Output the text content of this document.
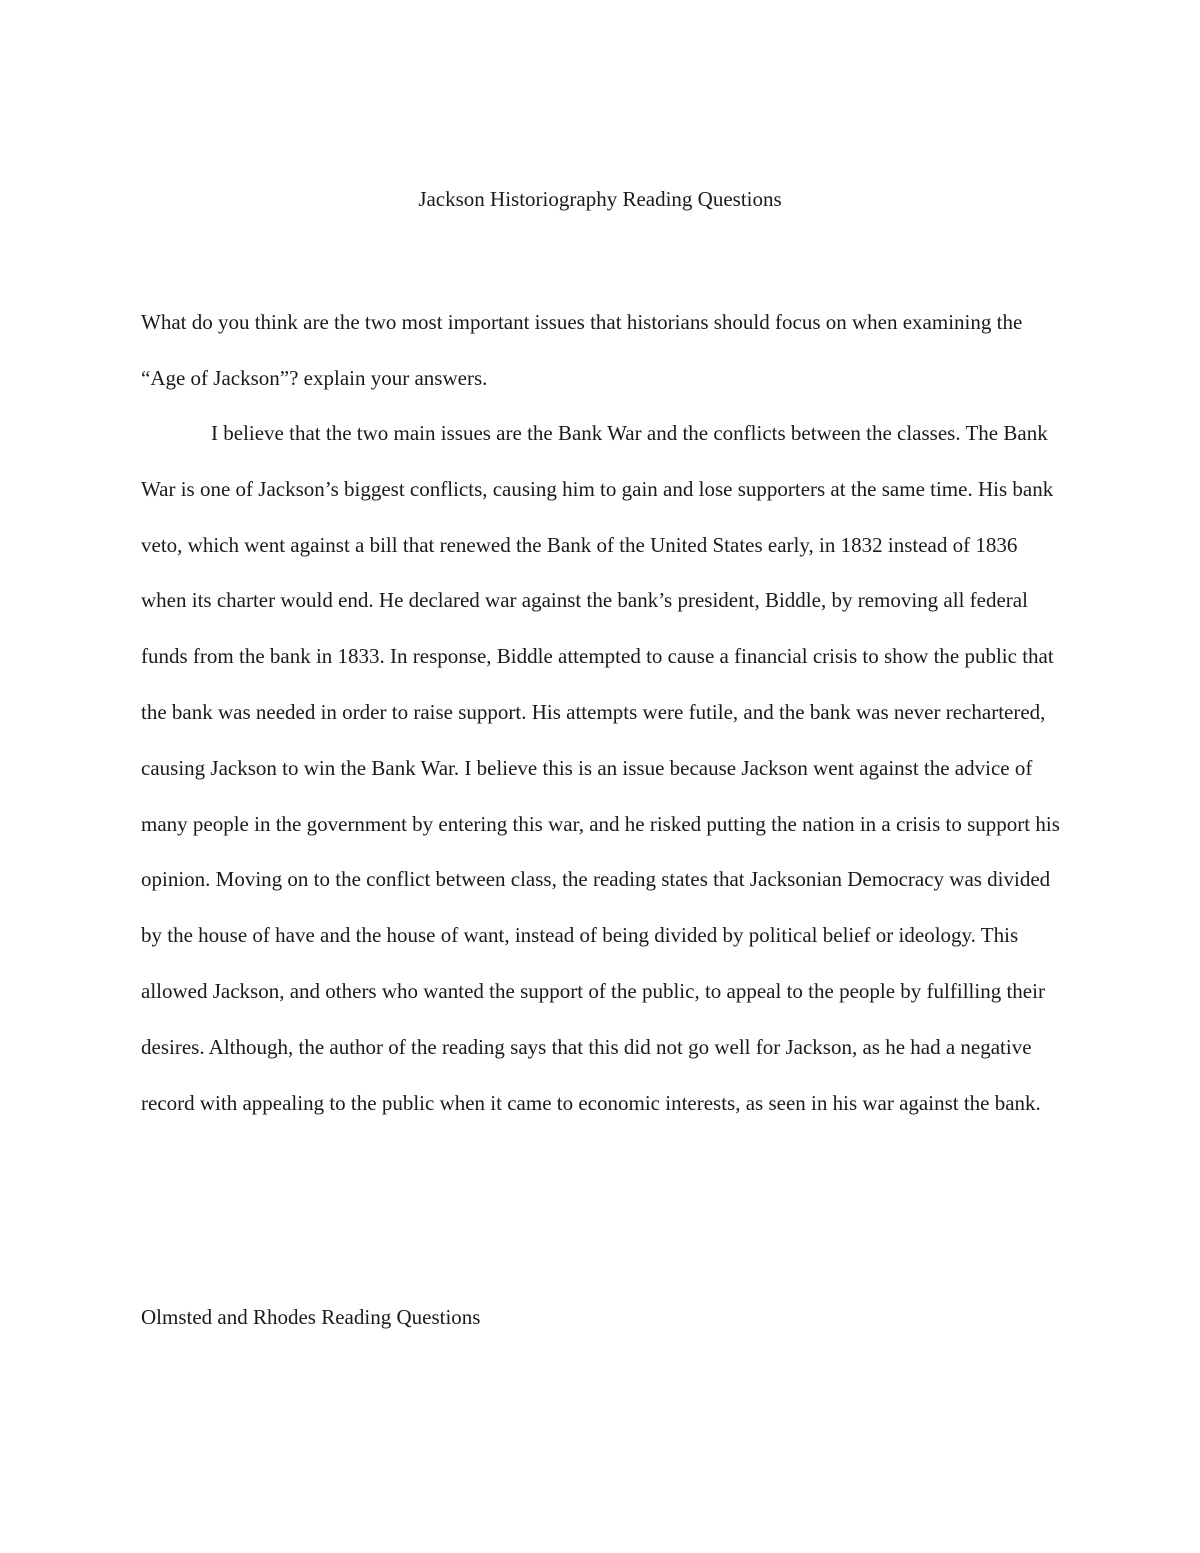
Jackson Historiography Reading Questions

What do you think are the two most important issues that historians should focus on when examining the “Age of Jackson”? explain your answers.

I believe that the two main issues are the Bank War and the conflicts between the classes. The Bank War is one of Jackson’s biggest conflicts, causing him to gain and lose supporters at the same time. His bank veto, which went against a bill that renewed the Bank of the United States early, in 1832 instead of 1836 when its charter would end. He declared war against the bank’s president, Biddle, by removing all federal funds from the bank in 1833. In response, Biddle attempted to cause a financial crisis to show the public that the bank was needed in order to raise support. His attempts were futile, and the bank was never rechartered, causing Jackson to win the Bank War. I believe this is an issue because Jackson went against the advice of many people in the government by entering this war, and he risked putting the nation in a crisis to support his opinion. Moving on to the conflict between class, the reading states that Jacksonian Democracy was divided by the house of have and the house of want, instead of being divided by political belief or ideology. This allowed Jackson, and others who wanted the support of the public, to appeal to the people by fulfilling their desires. Although, the author of the reading says that this did not go well for Jackson, as he had a negative record with appealing to the public when it came to economic interests, as seen in his war against the bank.

Olmsted and Rhodes Reading Questions
